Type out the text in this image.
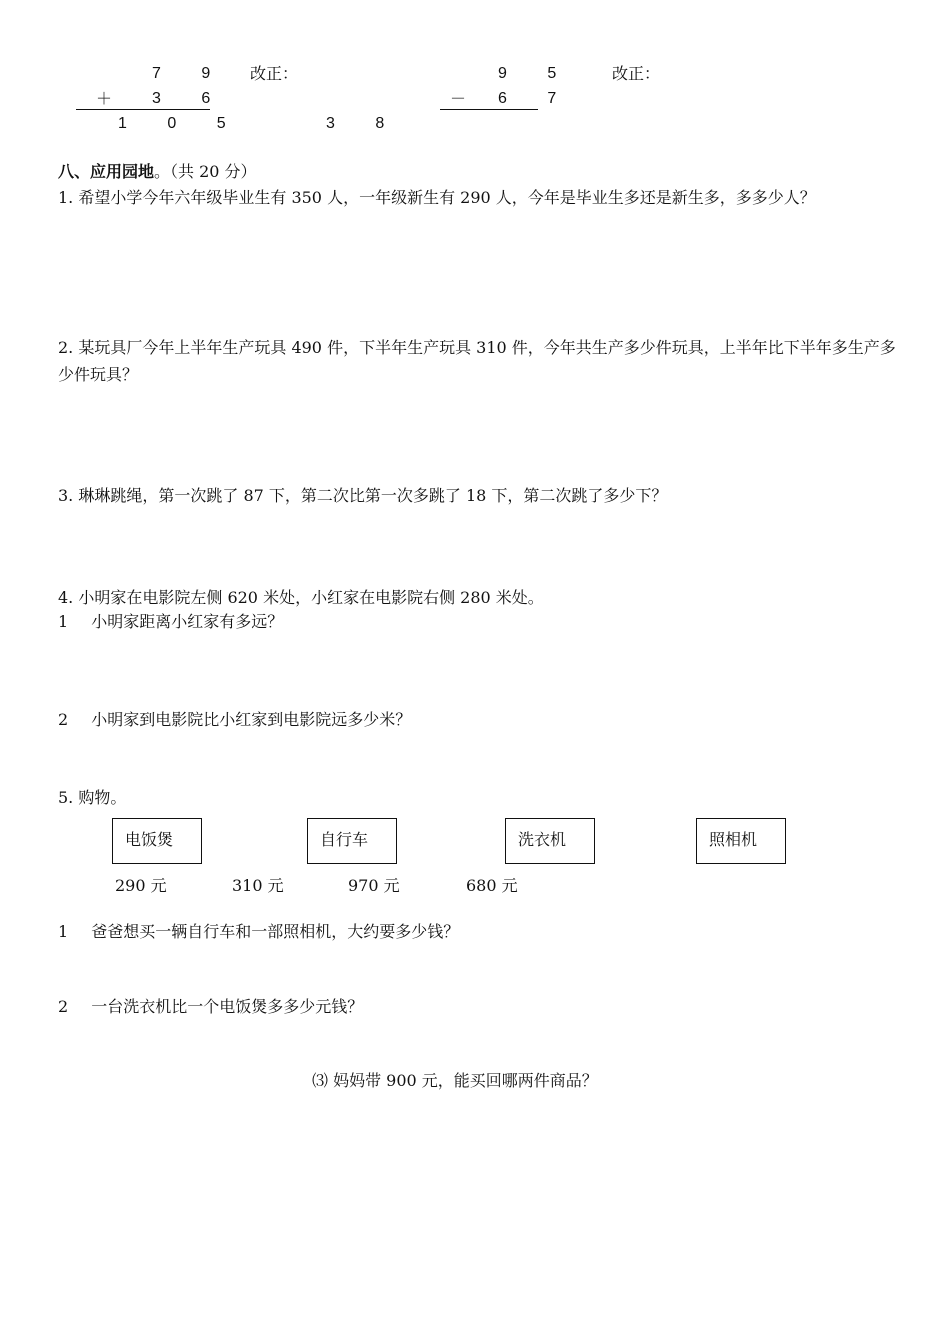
7 9 改正：
＋ 3 6
1 0 5
9 5 改正：
－ 6 7
3 8
八、应用园地。（共 20 分）
1. 希望小学今年六年级毕业生有 350 人，一年级新生有 290 人，今年是毕业生多还是新生多，多多少人？
2. 某玩具厂今年上半年生产玩具 490 件，下半年生产玩具 310 件，今年共生产多少件玩具，上半年比下半年多生产多少件玩具？
3. 琳琳跳绳，第一次跳了 87 下，第二次比第一次多跳了 18 下，第二次跳了多少下？
4. 小明家在电影院左侧 620 米处，小红家在电影院右侧 280 米处。
1 小明家距离小红家有多远？
2 小明家到电影院比小红家到电影院远多少米？
5. 购物。
电饭煲	自行车	洗衣机	照相机
290 元	310 元	970 元	680 元
1 爸爸想买一辆自行车和一部照相机，大约要多少钱？
2 一台洗衣机比一个电饭煲多多少元钱？
⑶ 妈妈带 900 元，能买回哪两件商品？
